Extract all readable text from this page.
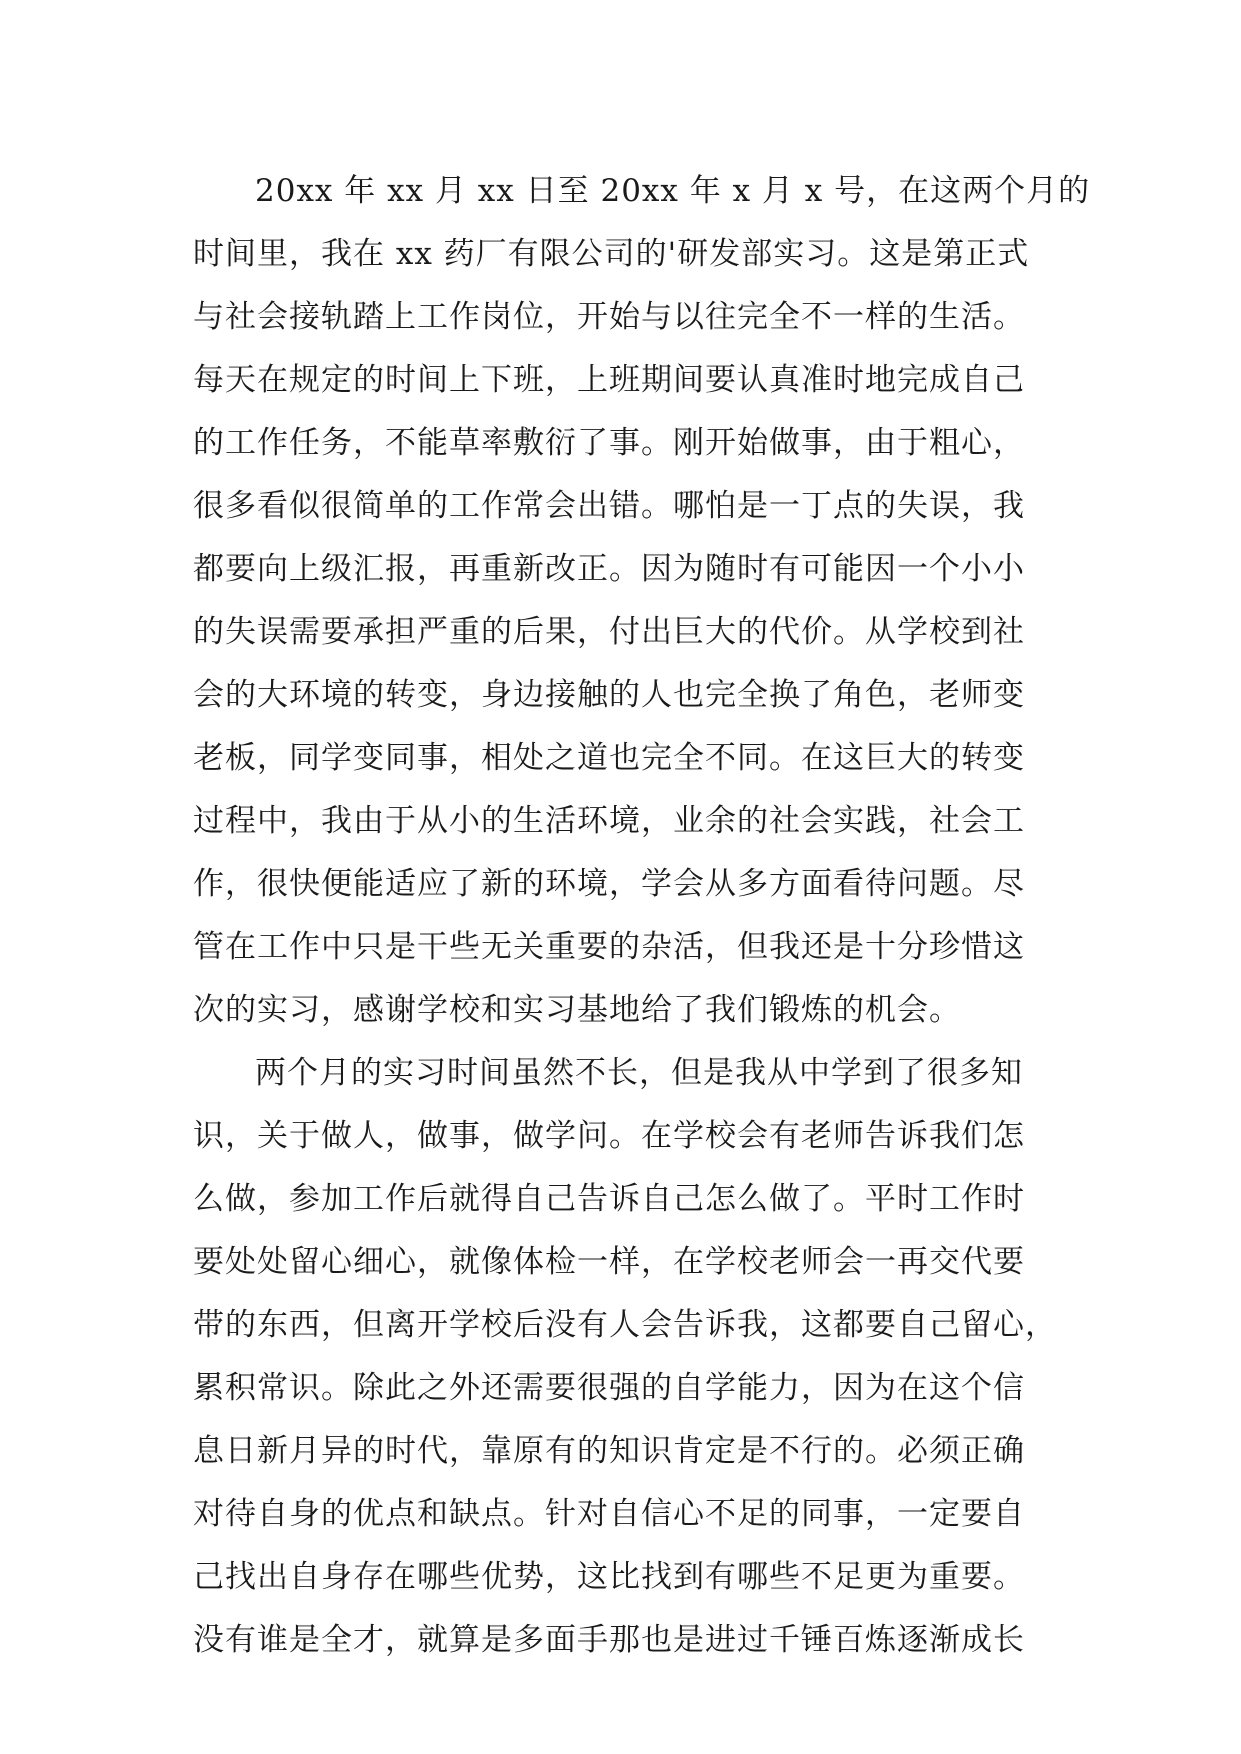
20xx 年 xx 月 xx 日至 20xx 年 x 月 x 号，在这两个月的
时间里，我在 xx 药厂有限公司的'研发部实习。这是第正式
与社会接轨踏上工作岗位，开始与以往完全不一样的生活。
每天在规定的时间上下班，上班期间要认真准时地完成自己
的工作任务，不能草率敷衍了事。刚开始做事，由于粗心，
很多看似很简单的工作常会出错。哪怕是一丁点的失误，我
都要向上级汇报，再重新改正。因为随时有可能因一个小小
的失误需要承担严重的后果，付出巨大的代价。从学校到社
会的大环境的转变，身边接触的人也完全换了角色，老师变
老板，同学变同事，相处之道也完全不同。在这巨大的转变
过程中，我由于从小的生活环境，业余的社会实践，社会工
作，很快便能适应了新的环境，学会从多方面看待问题。尽
管在工作中只是干些无关重要的杂活，但我还是十分珍惜这
次的实习，感谢学校和实习基地给了我们锻炼的机会。
两个月的实习时间虽然不长，但是我从中学到了很多知
识，关于做人，做事，做学问。在学校会有老师告诉我们怎
么做，参加工作后就得自己告诉自己怎么做了。平时工作时
要处处留心细心，就像体检一样，在学校老师会一再交代要
带的东西，但离开学校后没有人会告诉我，这都要自己留心，
累积常识。除此之外还需要很强的自学能力，因为在这个信
息日新月异的时代，靠原有的知识肯定是不行的。必须正确
对待自身的优点和缺点。针对自信心不足的同事，一定要自
己找出自身存在哪些优势，这比找到有哪些不足更为重要。
没有谁是全才，就算是多面手那也是进过千锤百炼逐渐成长
